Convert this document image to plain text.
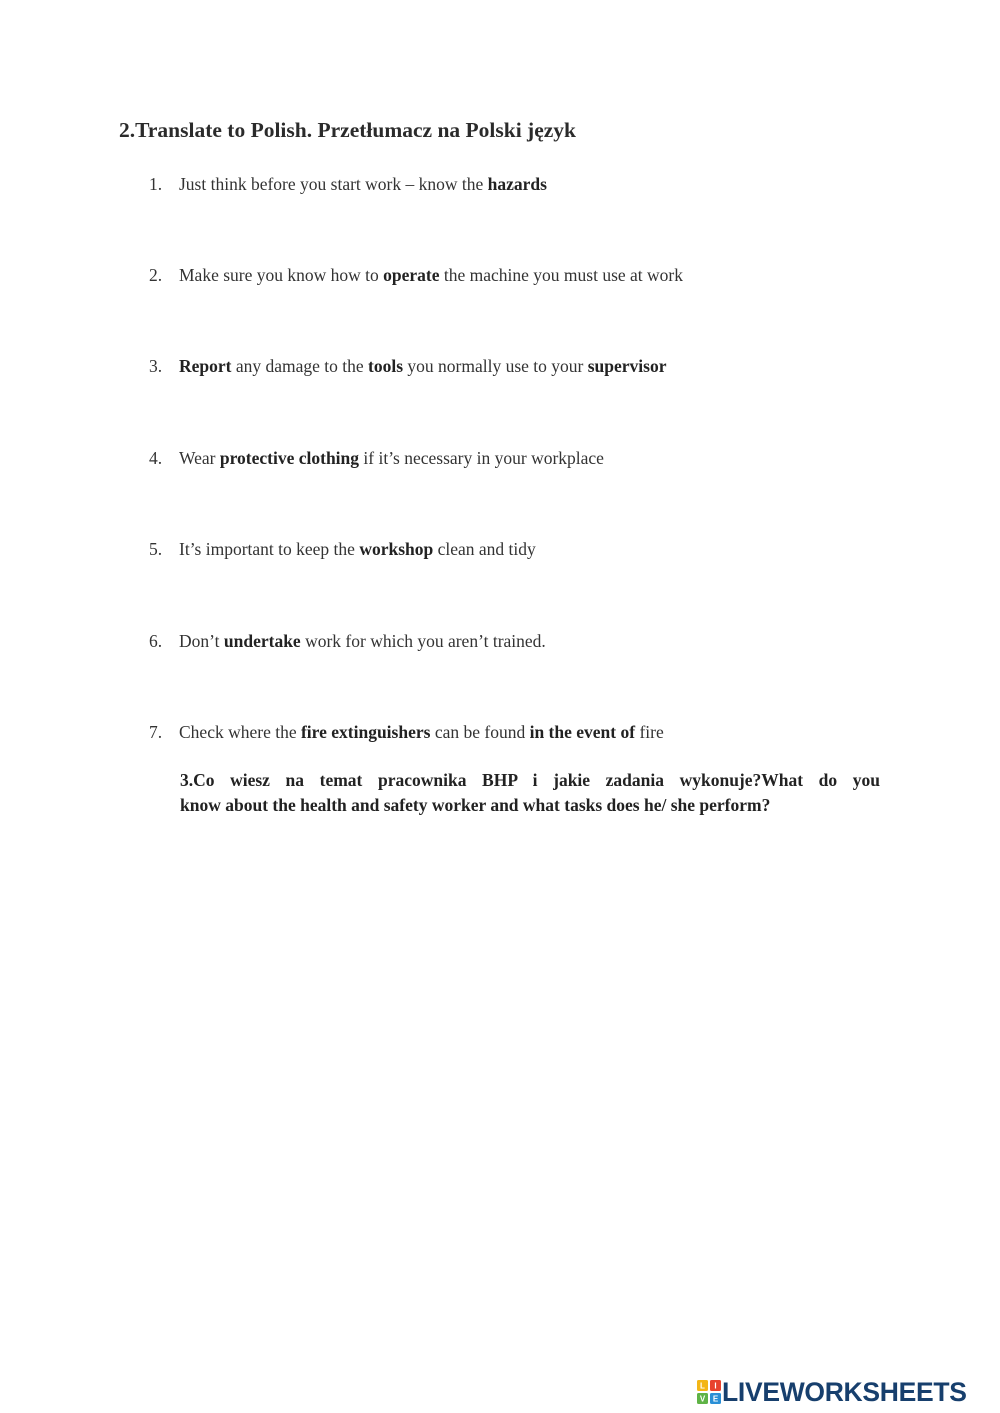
2.Translate to Polish. Przetłumacz na Polski język
1. Just think before you start work – know the hazards
2. Make sure you know how to operate the machine you must use at work
3. Report any damage to the tools you normally use to your supervisor
4. Wear protective clothing if it’s necessary in your workplace
5. It’s important to keep the workshop clean and tidy
6. Don’t undertake work for which you aren’t trained.
7. Check where the fire extinguishers can be found in the event of fire
3.Co wiesz na temat pracownika BHP i jakie zadania wykonuje?What do you
know about the health and safety worker and what tasks does he/ she perform?
L I
V E LIVEWORKSHEETS
